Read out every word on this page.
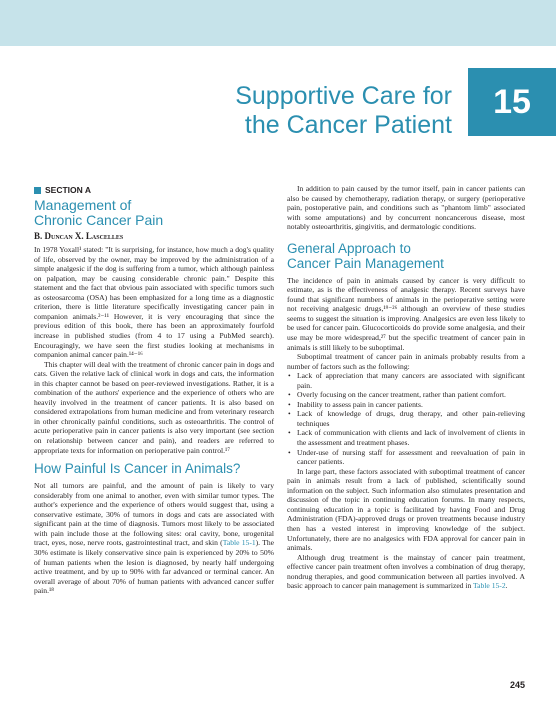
Supportive Care for
the Cancer Patient
15
SECTION A
Management of
Chronic Cancer Pain
B. Duncan X. Lascelles

In 1978 Yoxall¹ stated: "It is surprising, for instance, how much a dog's quality of life, observed by the owner, may be improved by the administration of a simple analgesic if the dog is suffering from a tumor, which although painless on palpation, may be causing considerable chronic pain." Despite this statement and the fact that obvious pain associated with specific tumors such as osteosarcoma (OSA) has been emphasized for a long time as a diagnostic criterion, there is little literature specifically investigating cancer pain in companion animals.²⁻¹¹ However, it is very encouraging that since the previous edition of this book, there has been an approximately fourfold increase in published studies (from 4 to 17 using a PubMed search). Encouragingly, we have seen the first studies looking at mechanisms in companion animal cancer pain.¹⁴⁻¹⁶

This chapter will deal with the treatment of chronic cancer pain in dogs and cats. Given the relative lack of clinical work in dogs and cats, the information in this chapter cannot be based on peer-reviewed investigations. Rather, it is a combination of the authors' experience and the experience of others who are heavily involved in the treatment of cancer patients. It is also based on considered extrapolations from human medicine and from veterinary research in other chronically painful conditions, such as osteoarthritis. The control of acute perioperative pain in cancer patients is also very important (see section on relationship between cancer and pain), and readers are referred to appropriate texts for information on perioperative pain control.¹⁷

How Painful Is Cancer in Animals?

Not all tumors are painful, and the amount of pain is likely to vary considerably from one animal to another, even with similar tumor types. The author's experience and the experience of others would suggest that, using a conservative estimate, 30% of tumors in dogs and cats are associated with significant pain at the time of diagnosis. Tumors most likely to be associated with pain include those at the following sites: oral cavity, bone, urogenital tract, eyes, nose, nerve roots, gastrointestinal tract, and skin (Table 15-1). The 30% estimate is likely conservative since pain is experienced by 20% to 50% of human patients when the lesion is diagnosed, by nearly half undergoing active treatment, and by up to 90% with far advanced or terminal cancer. An overall average of about 70% of human patients with advanced cancer suffer pain.¹⁸

In addition to pain caused by the tumor itself, pain in cancer patients can also be caused by chemotherapy, radiation therapy, or surgery (perioperative pain, postoperative pain, and conditions such as "phantom limb" associated with some amputations) and by concurrent noncancerous disease, most notably osteoarthritis, gingivitis, and dermatologic conditions.

General Approach to
Cancer Pain Management

The incidence of pain in animals caused by cancer is very difficult to estimate, as is the effectiveness of analgesic therapy. Recent surveys have found that significant numbers of animals in the perioperative setting were not receiving analgesic drugs,¹⁹⁻²⁶ although an overview of these studies seems to suggest the situation is improving. Analgesics are even less likely to be used for cancer pain. Glucocorticoids do provide some analgesia, and their use may be more widespread,²⁷ but the specific treatment of cancer pain in animals is still likely to be suboptimal.

Suboptimal treatment of cancer pain in animals probably results from a number of factors such as the following:

• Lack of appreciation that many cancers are associated with significant pain.
• Overly focusing on the cancer treatment, rather than patient comfort.
• Inability to assess pain in cancer patients.
• Lack of knowledge of drugs, drug therapy, and other pain-relieving techniques
• Lack of communication with clients and lack of involvement of clients in the assessment and treatment phases.
• Under-use of nursing staff for assessment and reevaluation of pain in cancer patients.

In large part, these factors associated with suboptimal treatment of cancer pain in animals result from a lack of published, scientifically sound information on the subject. Such information also stimulates presentation and discussion of the topic in continuing education forums. In many respects, continuing education in a topic is facilitated by having Food and Drug Administration (FDA)-approved drugs or proven treatments because industry then has a vested interest in improving knowledge of the subject. Unfortunately, there are no analgesics with FDA approval for cancer pain in animals.

Although drug treatment is the mainstay of cancer pain treatment, effective cancer pain treatment often involves a combination of drug therapy, nondrug therapies, and good communication between all parties involved. A basic approach to cancer pain management is summarized in Table 15-2.

245
